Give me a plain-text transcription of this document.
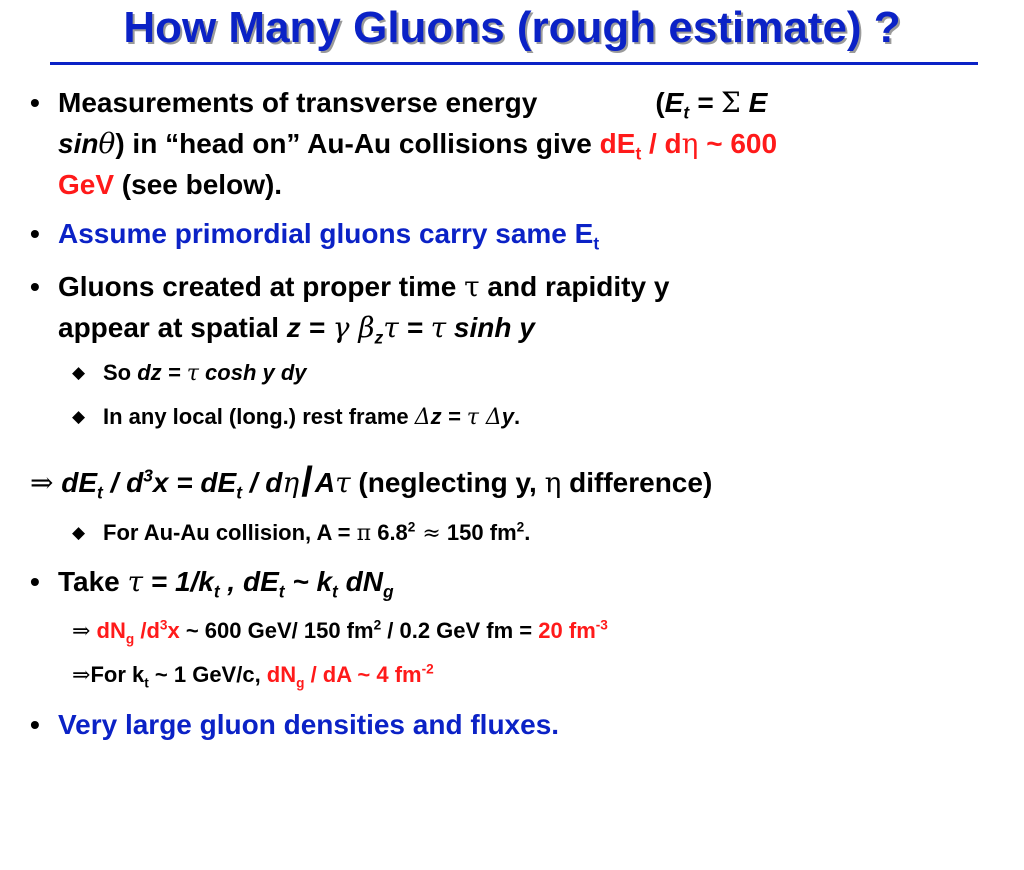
How Many Gluons (rough estimate) ?
• Measurements of transverse energy	($E_t = \Sigma$ E
sinθ) in “head on” Au-Au collisions give $dE_t$ / dη ~ 600
GeV (see below).
• Assume primordial gluons carry same $E_t$
• Gluons created at proper time τ and rapidity y
appear at spatial z = γ $\beta_z\tau = \tau$ sinh y
◆ So dz = τ cosh y dy
◆ In any local (long.) rest frame Δz = τ Δy.
⇒ $dE_t / d^3x = dE_t / d\eta/A\tau$ (neglecting y, η difference)
◆ For Au-Au collision, A = π $6.8^2 \approx 150$ $fm^2$.
• Take $\tau = 1/k_t$ , $dE_t$ ~ $k_t$ $dN_g$
⇒ $dN_g$ $/d^3x$ ~ 600 GeV/ 150 $fm^2 / 0.2$ GeV fm = 20 $fm^{-3}$
⇒For $k_t$ ~ 1 GeV/c, $dN_g$ / dA ~ 4 $fm^{-2}$
• Very large gluon densities and fluxes.
